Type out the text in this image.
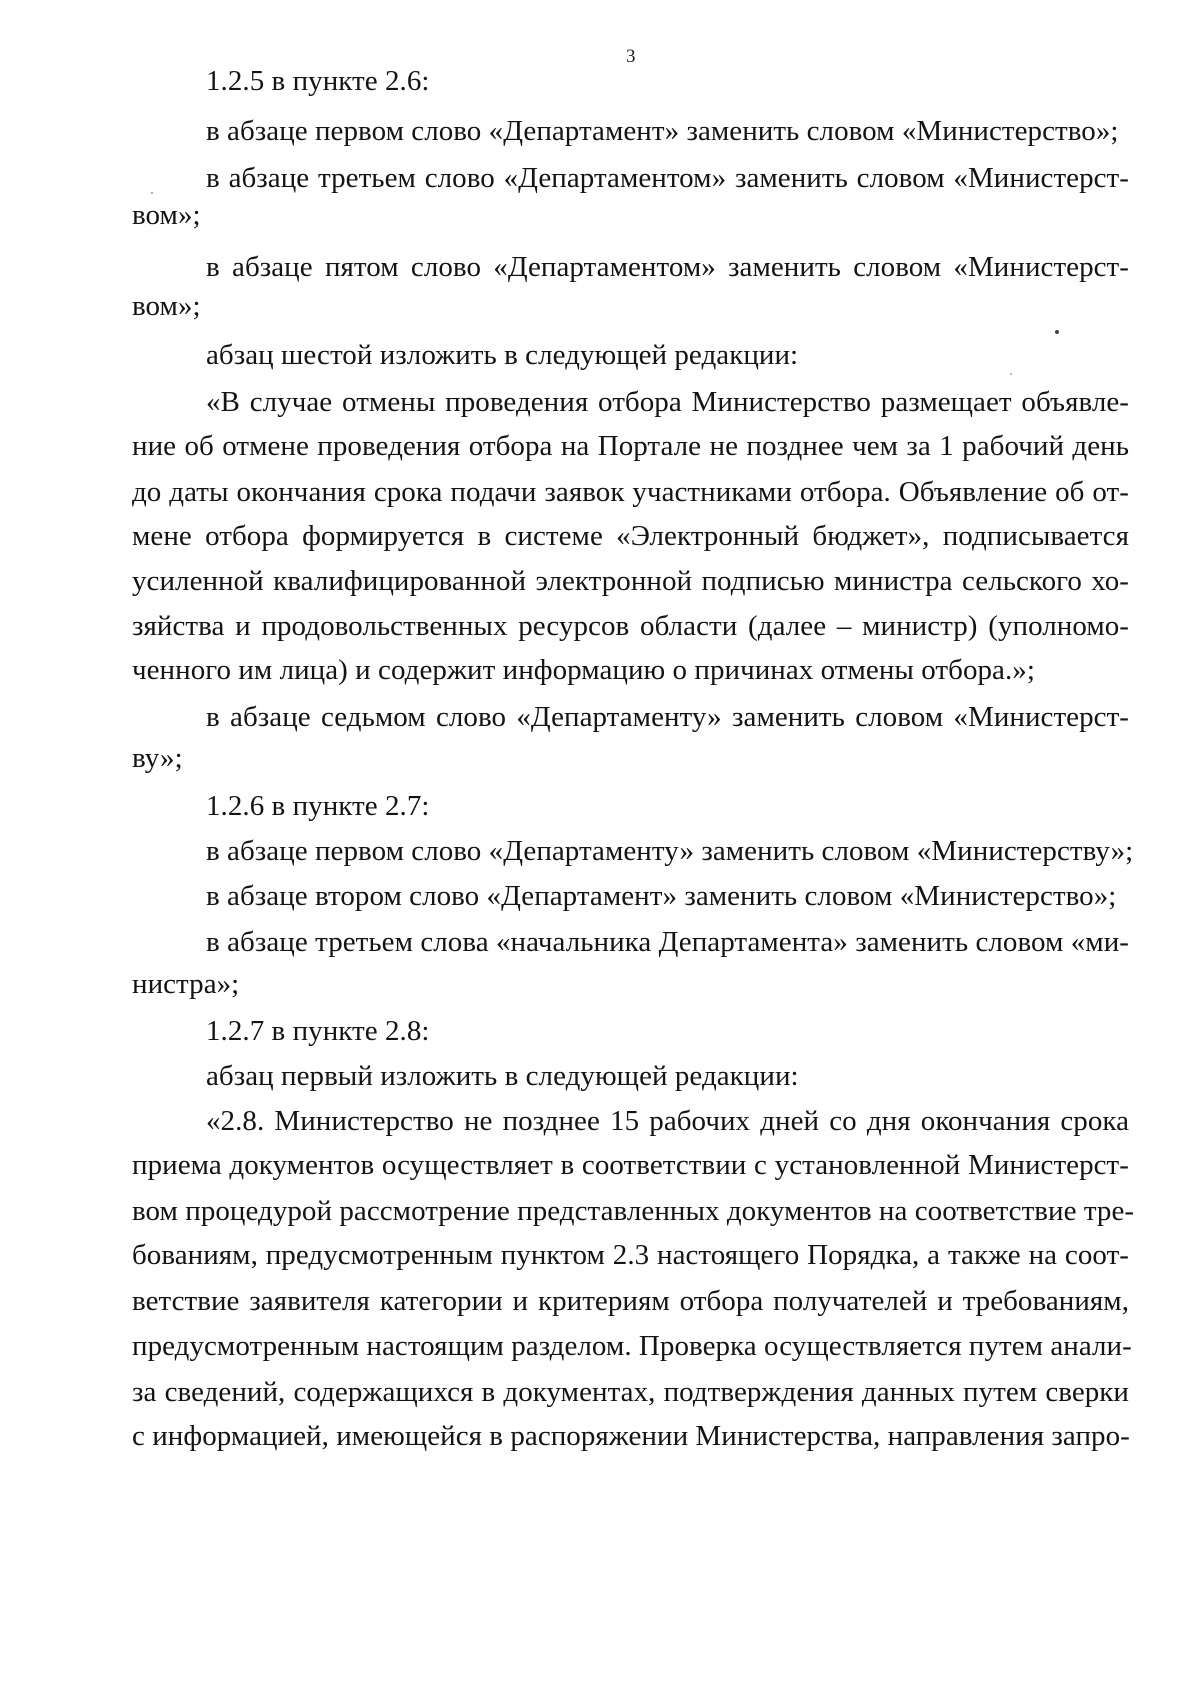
3
1.2.5 в пункте 2.6:
в абзаце первом слово «Департамент» заменить словом «Министерство»;
в абзаце третьем слово «Департаментом» заменить словом «Министерст-
вом»;
в абзаце пятом слово «Департаментом» заменить словом «Министерст-
вом»;
абзац шестой изложить в следующей редакции:
«В случае отмены проведения отбора Министерство размещает объявле-
ние об отмене проведения отбора на Портале не позднее чем за 1 рабочий день
до даты окончания срока подачи заявок участниками отбора. Объявление об от-
мене отбора формируется в системе «Электронный бюджет», подписывается
усиленной квалифицированной электронной подписью министра сельского хо-
зяйства и продовольственных ресурсов области (далее – министр) (уполномо-
ченного им лица) и содержит информацию о причинах отмены отбора.»;
в абзаце седьмом слово «Департаменту» заменить словом «Министерст-
ву»;
1.2.6 в пункте 2.7:
в абзаце первом слово «Департаменту» заменить словом «Министерству»;
в абзаце втором слово «Департамент» заменить словом «Министерство»;
в абзаце третьем слова «начальника Департамента» заменить словом «ми-
нистра»;
1.2.7 в пункте 2.8:
абзац первый изложить в следующей редакции:
«2.8. Министерство не позднее 15 рабочих дней со дня окончания срока
приема документов осуществляет в соответствии с установленной Министерст-
вом процедурой рассмотрение представленных документов на соответствие тре-
бованиям, предусмотренным пунктом 2.3 настоящего Порядка, а также на соот-
ветствие заявителя категории и критериям отбора получателей и требованиям,
предусмотренным настоящим разделом. Проверка осуществляется путем анали-
за сведений, содержащихся в документах, подтверждения данных путем сверки
с информацией, имеющейся в распоряжении Министерства, направления запро-
